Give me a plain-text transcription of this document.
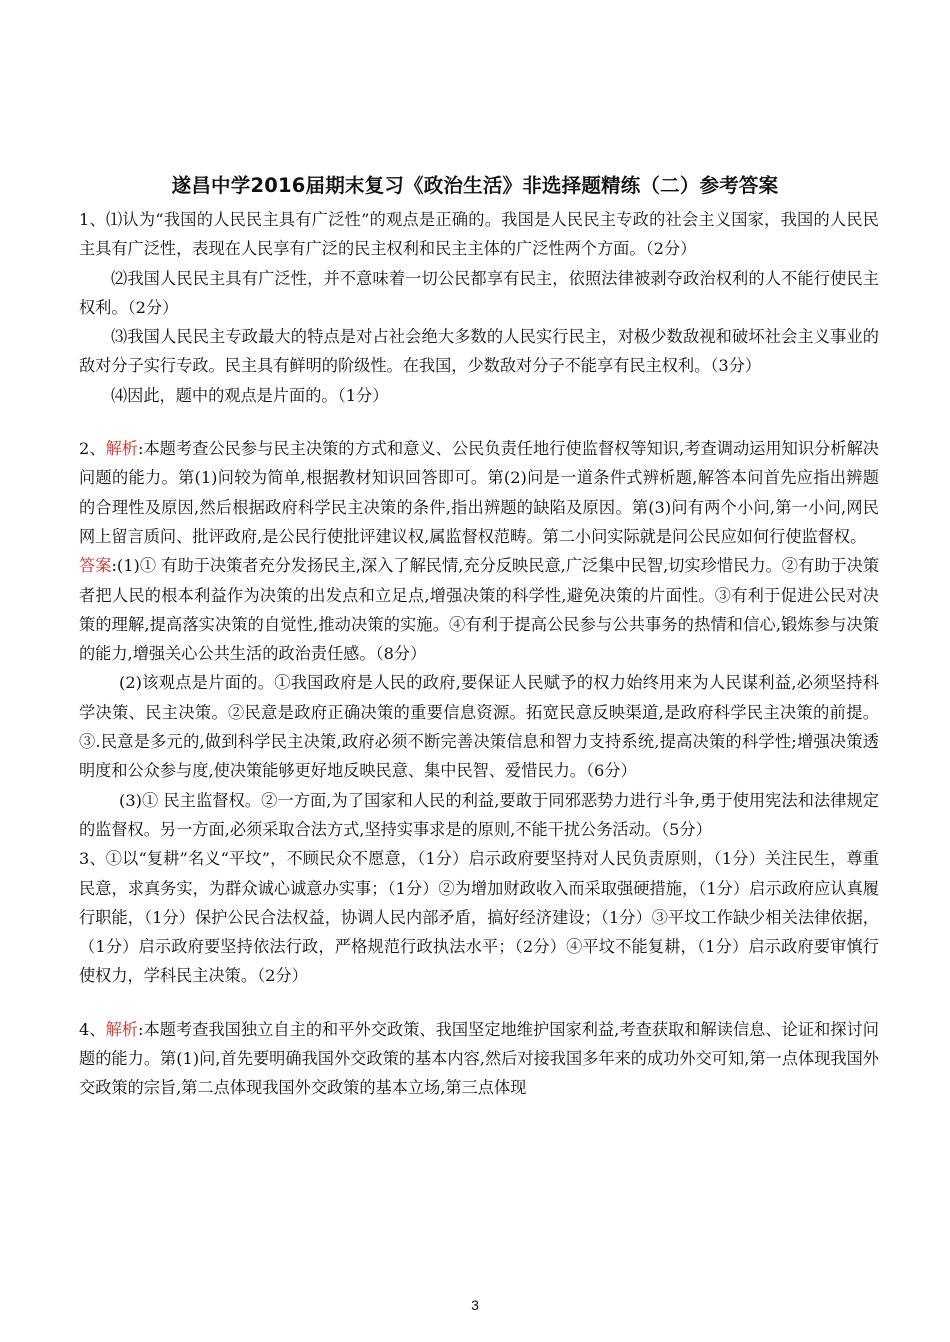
遂昌中学2016届期末复习《政治生活》非选择题精练（二）参考答案

1、⑴认为“我国的人民民主具有广泛性”的观点是正确的。我国是人民民主专政的社会主义国家，我国的人民民主具有广泛性，表现在人民享有广泛的民主权利和民主主体的广泛性两个方面。（2分）

⑵我国人民民主具有广泛性，并不意味着一切公民都享有民主，依照法律被剥夺政治权利的人不能行使民主权利。（2分）

⑶我国人民民主专政最大的特点是对占社会绝大多数的人民实行民主，对极少数敌视和破坏社会主义事业的敌对分子实行专政。民主具有鲜明的阶级性。在我国，少数敌对分子不能享有民主权利。（3分）

⑷因此，题中的观点是片面的。（1分）

2、解析:本题考查公民参与民主决策的方式和意义、公民负责任地行使监督权等知识,考查调动运用知识分析解决问题的能力。第(1)问较为简单,根据教材知识回答即可。第(2)问是一道条件式辨析题,解答本问首先应指出辨题的合理性及原因,然后根据政府科学民主决策的条件,指出辨题的缺陷及原因。第(3)问有两个小问,第一小问,网民网上留言质问、批评政府,是公民行使批评建议权,属监督权范畴。第二小问实际就是问公民应如何行使监督权。

答案:(1)① 有助于决策者充分发扬民主,深入了解民情,充分反映民意,广泛集中民智,切实珍惜民力。②有助于决策者把人民的根本利益作为决策的出发点和立足点,增强决策的科学性,避免决策的片面性。③有利于促进公民对决策的理解,提高落实决策的自觉性,推动决策的实施。④有利于提高公民参与公共事务的热情和信心,锻炼参与决策的能力,增强关心公共生活的政治责任感。（8分）

(2)该观点是片面的。①我国政府是人民的政府,要保证人民赋予的权力始终用来为人民谋利益,必须坚持科学决策、民主决策。②民意是政府正确决策的重要信息资源。拓宽民意反映渠道,是政府科学民主决策的前提。③.民意是多元的,做到科学民主决策,政府必须不断完善决策信息和智力支持系统,提高决策的科学性;增强决策透明度和公众参与度,使决策能够更好地反映民意、集中民智、爱惜民力。（6分）

(3)① 民主监督权。②一方面,为了国家和人民的利益,要敢于同邪恶势力进行斗争,勇于使用宪法和法律规定的监督权。另一方面,必须采取合法方式,坚持实事求是的原则,不能干扰公务活动。（5分）

3、①以“复耕”名义“平坟”，不顾民众不愿意，（1分）启示政府要坚持对人民负责原则，（1分）关注民生，尊重民意，求真务实，为群众诚心诚意办实事；（1分）②为增加财政收入而采取强硬措施，（1分）启示政府应认真履行职能，（1分）保护公民合法权益，协调人民内部矛盾，搞好经济建设；（1分）③平坟工作缺少相关法律依据，（1分）启示政府要坚持依法行政，严格规范行政执法水平；（2分）④平坟不能复耕，（1分）启示政府要审慎行使权力，学科民主决策。（2分）

4、解析:本题考查我国独立自主的和平外交政策、我国坚定地维护国家利益,考查获取和解读信息、论证和探讨问题的能力。第(1)问,首先要明确我国外交政策的基本内容,然后对接我国多年来的成功外交可知,第一点体现我国外交政策的宗旨,第二点体现我国外交政策的基本立场,第三点体现

3
